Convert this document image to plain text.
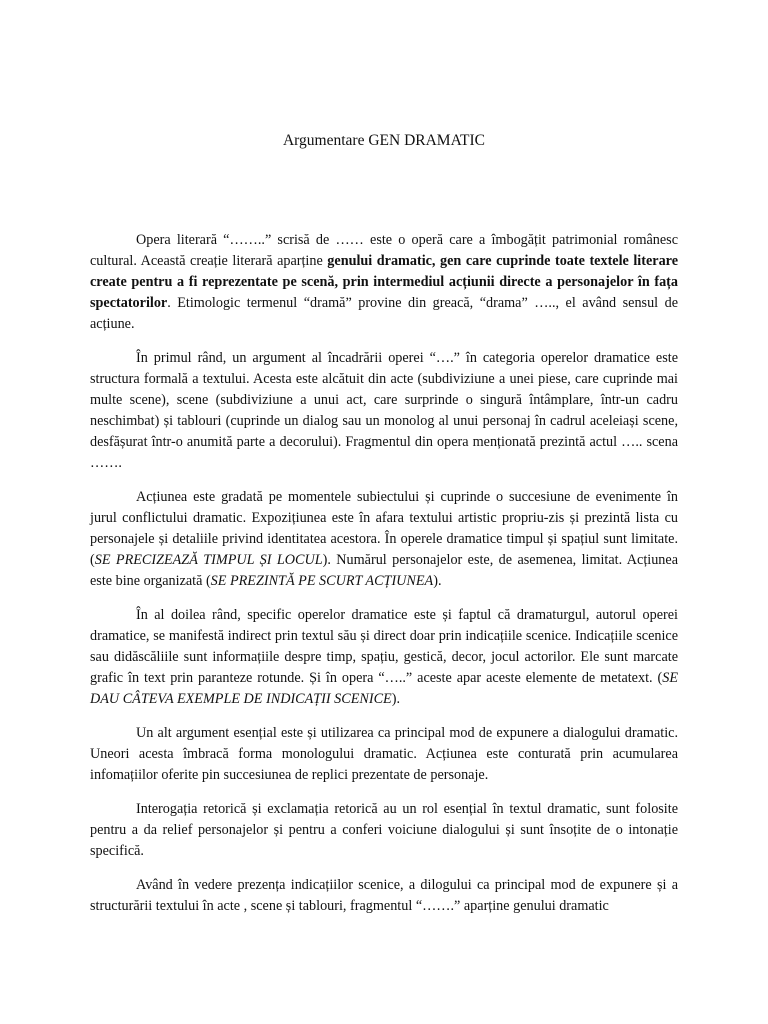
Argumentare GEN DRAMATIC

Opera literară “……..” scrisă de …… este o operă care a îmbogățit patrimonial românesc cultural. Această creație literară aparține genului dramatic, gen care cuprinde toate textele literare create pentru a fi reprezentate pe scenă, prin intermediul acțiunii directe a personajelor în fața spectatorilor. Etimologic termenul “dramă” provine din greacă, “drama” ….., el având sensul de acțiune.

În primul rând, un argument al încadrării operei “….” în categoria operelor dramatice este structura formală a textului. Acesta este alcătuit din acte (subdiviziune a unei piese, care cuprinde mai multe scene), scene (subdiviziune a unui act, care surprinde o singură întâmplare, într-un cadru neschimbat) și tablouri (cuprinde un dialog sau un monolog al unui personaj în cadrul aceleiași scene, desfășurat într-o anumită parte a decorului). Fragmentul din opera menționată prezintă actul ….. scena …….

Acțiunea este gradată pe momentele subiectului și cuprinde o succesiune de evenimente în jurul conflictului dramatic. Expozițiunea este în afara textului artistic propriu-zis și prezintă lista cu personajele și detaliile privind identitatea acestora. În operele dramatice timpul și spațiul sunt limitate. (SE PRECIZEAZĂ TIMPUL ȘI LOCUL). Numărul personajelor este, de asemenea, limitat. Acțiunea este bine organizată (SE PREZINTĂ PE SCURT ACȚIUNEA).

În al doilea rând, specific operelor dramatice este și faptul că dramaturgul, autorul operei dramatice, se manifestă indirect prin textul său și direct doar prin indicațiile scenice. Indicațiile scenice sau didăscăliile sunt informațiile despre timp, spațiu, gestică, decor, jocul actorilor. Ele sunt marcate grafic în text prin paranteze rotunde. Și în opera “…..” aceste apar aceste elemente de metatext. (SE DAU CÂTEVA EXEMPLE DE INDICAȚII SCENICE).

Un alt argument esențial este și utilizarea ca principal mod de expunere a dialogului dramatic. Uneori acesta îmbracă forma monologului dramatic. Acțiunea este conturată prin acumularea infomațiilor oferite pin succesiunea de replici prezentate de personaje.

Interogația retorică și exclamația retorică au un rol esențial în textul dramatic, sunt folosite pentru a da relief personajelor și pentru a conferi voiciune dialogului și sunt însoțite de o intonație specifică.

Având în vedere prezența indicațiilor scenice, a dilogului ca principal mod de expunere și a structurării textului în acte , scene și tablouri, fragmentul “…….” aparține genului dramatic
